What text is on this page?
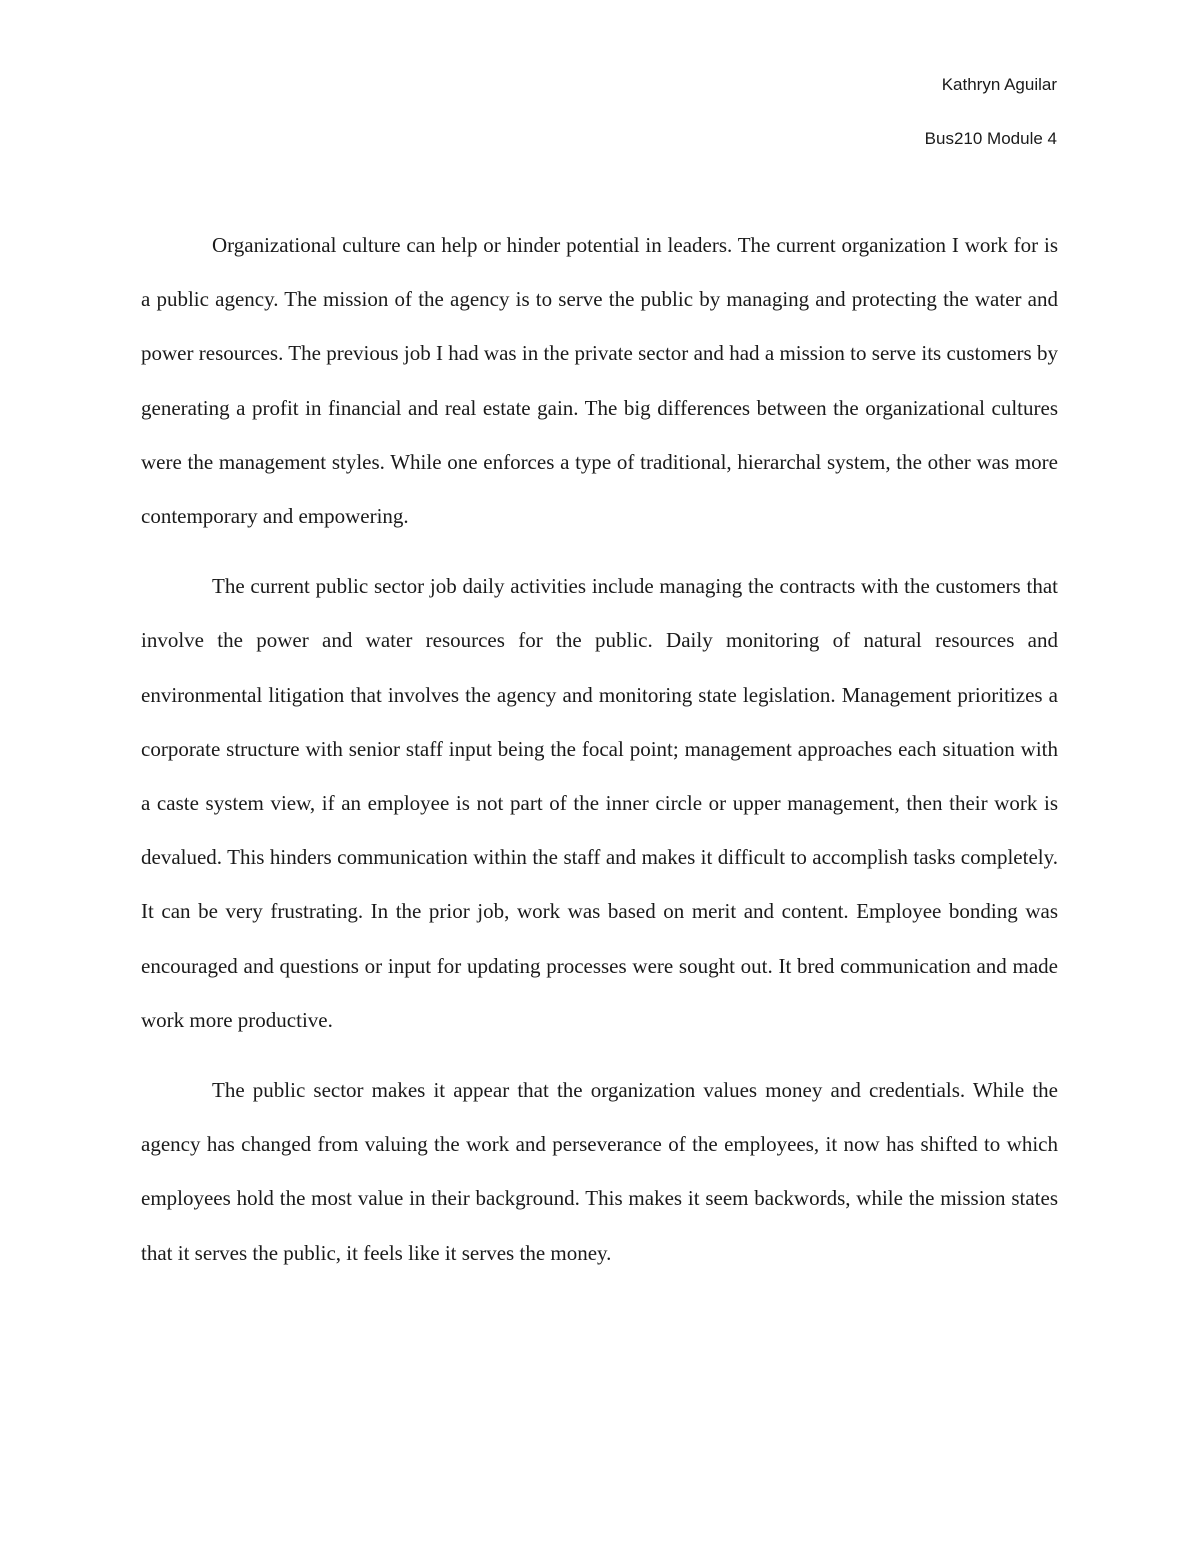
Kathryn Aguilar
Bus210 Module 4

Organizational culture can help or hinder potential in leaders. The current organization I work for is a public agency. The mission of the agency is to serve the public by managing and protecting the water and power resources. The previous job I had was in the private sector and had a mission to serve its customers by generating a profit in financial and real estate gain. The big differences between the organizational cultures were the management styles. While one enforces a type of traditional, hierarchal system, the other was more contemporary and empowering.

The current public sector job daily activities include managing the contracts with the customers that involve the power and water resources for the public. Daily monitoring of natural resources and environmental litigation that involves the agency and monitoring state legislation. Management prioritizes a corporate structure with senior staff input being the focal point; management approaches each situation with a caste system view, if an employee is not part of the inner circle or upper management, then their work is devalued. This hinders communication within the staff and makes it difficult to accomplish tasks completely. It can be very frustrating. In the prior job, work was based on merit and content. Employee bonding was encouraged and questions or input for updating processes were sought out. It bred communication and made work more productive.

The public sector makes it appear that the organization values money and credentials. While the agency has changed from valuing the work and perseverance of the employees, it now has shifted to which employees hold the most value in their background. This makes it seem backwords, while the mission states that it serves the public, it feels like it serves the money.
